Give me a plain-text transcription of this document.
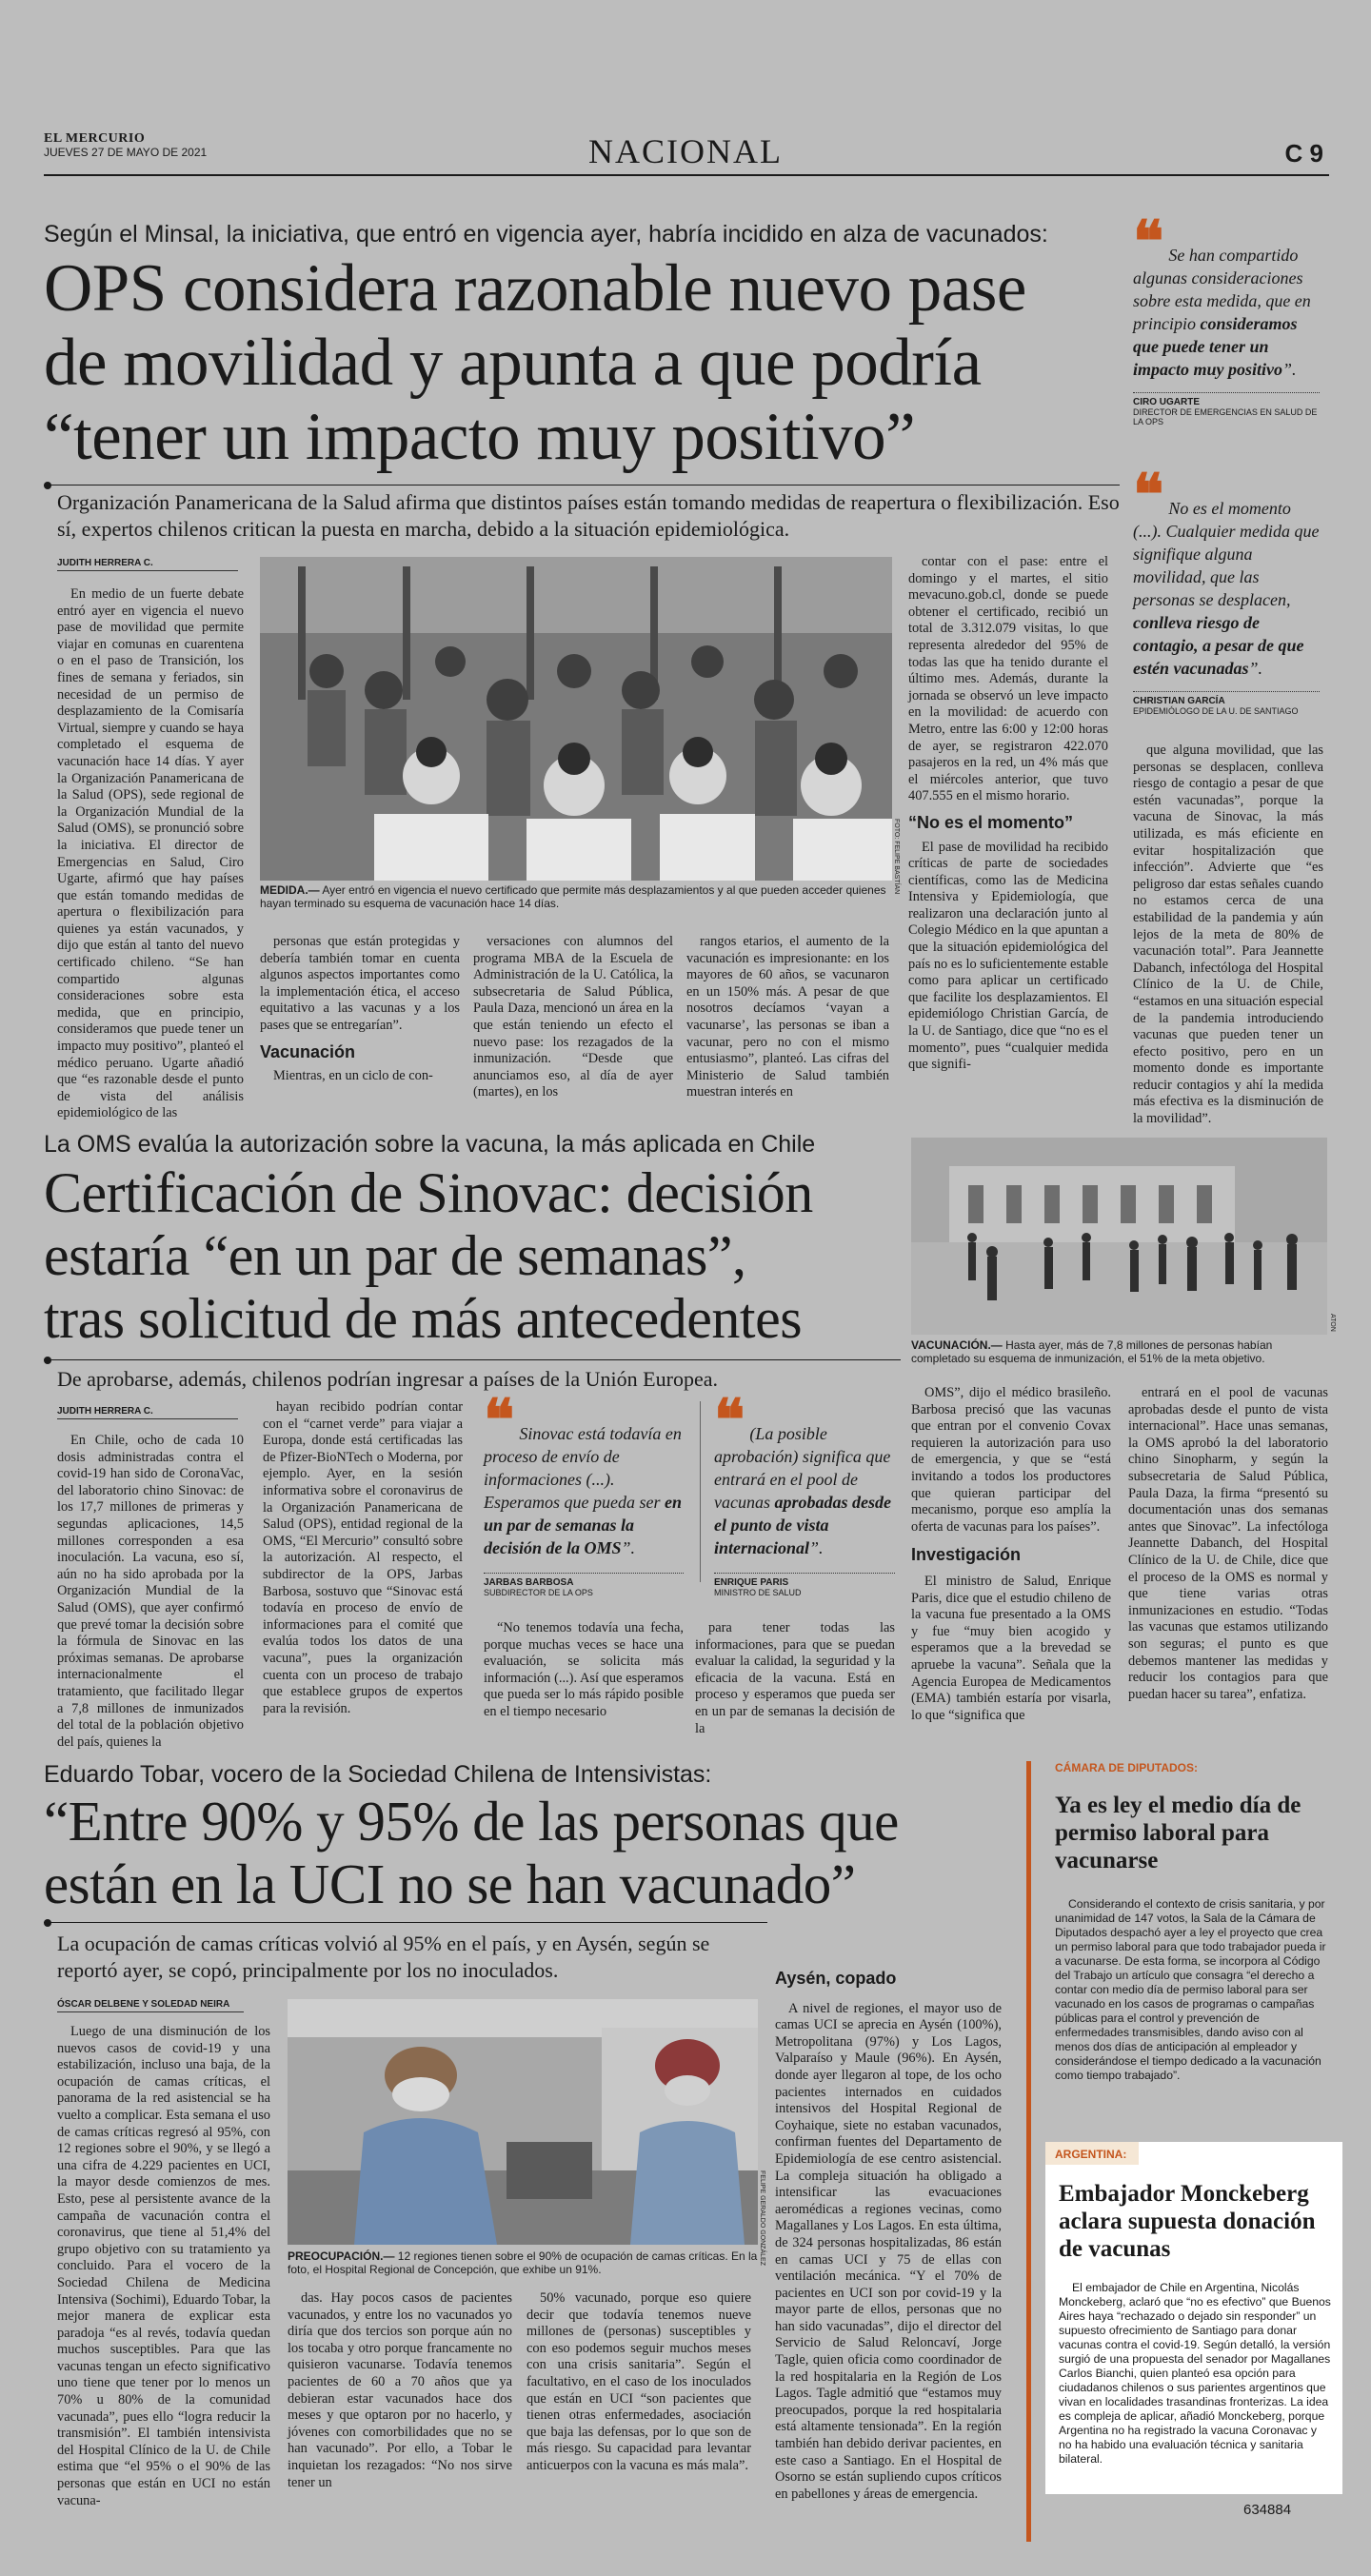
EL MERCURIO
JUEVES 27 DE MAYO DE 2021	NACIONAL	C 9
Según el Minsal, la iniciativa, que entró en vigencia ayer, habría incidido en alza de vacunados:
OPS considera razonable nuevo pase
de movilidad y apunta a que podría
“tener un impacto muy positivo”
Organización Panamericana de la Salud afirma que distintos países están tomando medidas de reapertura o flexibilización. Eso sí, expertos chilenos critican la puesta en marcha, debido a la situación epidemiológica.
JUDITH HERRERA C.

En medio de un fuerte debate entró ayer en vigencia el nuevo pase de movilidad que permite viajar en comunas en cuarentena o en el paso de Transición, los fines de semana y feriados, sin necesidad de un permiso de desplazamiento de la Comisaría Virtual, siempre y cuando se haya completado el esquema de vacunación hace 14 días. Y ayer la Organización Panamericana de la Salud (OPS), sede regional de la Organización Mundial de la Salud (OMS), se pronunció sobre la iniciativa. El director de Emergencias en Salud, Ciro Ugarte, afirmó que hay países que están tomando medidas de apertura o flexibilización para quienes ya están vacunados, y dijo que están al tanto del nuevo certificado chileno. “Se han compartido algunas consideraciones sobre esta medida, que en principio, consideramos que puede tener un impacto muy positivo”, planteó el médico peruano. Ugarte añadió que “es razonable desde el punto de vista del análisis epidemiológico de las

FOTO: FELIPE BASTÍAN
MEDIDA.— Ayer entró en vigencia el nuevo certificado que permite más desplazamientos y al que pueden acceder quienes hayan terminado su esquema de vacunación hace 14 días.

personas que están protegidas y debería también tomar en cuenta algunos aspectos importantes como la implementación ética, el acceso equitativo a las vacunas y a los pases que se entregarían”.

Vacunación

Mientras, en un ciclo de con-

versaciones con alumnos del programa MBA de la Escuela de Administración de la U. Católica, la subsecretaria de Salud Pública, Paula Daza, mencionó un área en la que están teniendo un efecto el nuevo pase: los rezagados de la inmunización. “Desde que anunciamos eso, al día de ayer (martes), en los

rangos etarios, el aumento de la vacunación es impresionante: en los mayores de 60 años, se vacunaron en un 150% más. A pesar de que nosotros decíamos ‘vayan a vacunarse’, las personas se iban a vacunar, pero no con el mismo entusiasmo”, planteó. Las cifras del Ministerio de Salud también muestran interés en

contar con el pase: entre el domingo y el martes, el sitio mevacuno.gob.cl, donde se puede obtener el certificado, recibió un total de 3.312.079 visitas, lo que representa alrededor del 95% de todas las que ha tenido durante el último mes. Además, durante la jornada se observó un leve impacto en la movilidad: de acuerdo con Metro, entre las 6:00 y 12:00 horas de ayer, se registraron 422.070 pasajeros en la red, un 4% más que el miércoles anterior, que tuvo 407.555 en el mismo horario.

“No es el momento”

El pase de movilidad ha recibido críticas de parte de sociedades científicas, como las de Medicina Intensiva y Epidemiología, que realizaron una declaración junto al Colegio Médico en la que apuntan a que la situación epidemiológica del país no es lo suficientemente estable como para aplicar un certificado que facilite los desplazamientos. El epidemiólogo Christian García, de la U. de Santiago, dice que “no es el momento”, pues “cualquier medida que signifi-

❝ Se han compartido algunas consideraciones sobre esta medida, que en principio consideramos que puede tener un impacto muy positivo”.
CIRO UGARTE
DIRECTOR DE EMERGENCIAS EN SALUD DE LA OPS
❝ No es el momento (...). Cualquier medida que signifique alguna movilidad, que las personas se desplacen, conlleva riesgo de contagio, a pesar de que estén vacunadas”.
CHRISTIAN GARCÍA
EPIDEMIÓLOGO DE LA U. DE SANTIAGO

que alguna movilidad, que las personas se desplacen, conlleva riesgo de contagio a pesar de que estén vacunadas”, porque la vacuna de Sinovac, la más utilizada, es más eficiente en evitar hospitalización que infección”. Advierte que “es peligroso dar estas señales cuando no estamos cerca de una estabilidad de la pandemia y aún lejos de la meta de 80% de vacunación total”. Para Jeannette Dabanch, infectóloga del Hospital Clínico de la U. de Chile, “estamos en una situación especial de la pandemia introduciendo vacunas que pueden tener un efecto positivo, pero en un momento donde es importante reducir contagios y ahí la medida más efectiva es la disminución de la movilidad”.

La OMS evalúa la autorización sobre la vacuna, la más aplicada en Chile
Certificación de Sinovac: decisión
estaría “en un par de semanas”,
tras solicitud de más antecedentes
De aprobarse, además, chilenos podrían ingresar a países de la Unión Europea.
ATON
VACUNACIÓN.— Hasta ayer, más de 7,8 millones de personas habían completado su esquema de inmunización, el 51% de la meta objetivo.
JUDITH HERRERA C.

En Chile, ocho de cada 10 dosis administradas contra el covid-19 han sido de CoronaVac, del laboratorio chino Sinovac: de los 17,7 millones de primeras y segundas aplicaciones, 14,5 millones corresponden a esa inoculación. La vacuna, eso sí, aún no ha sido aprobada por la Organización Mundial de la Salud (OMS), que ayer confirmó que prevé tomar la decisión sobre la fórmula de Sinovac en las próximas semanas. De aprobarse internacionalmente el tratamiento, que facilitado llegar a 7,8 millones de inmunizados del total de la población objetivo del país, quienes la

hayan recibido podrían contar con el “carnet verde” para viajar a Europa, donde está certificadas las de Pfizer-BioNTech o Moderna, por ejemplo. Ayer, en la sesión informativa sobre el coronavirus de la Organización Panamericana de Salud (OPS), entidad regional de la OMS, “El Mercurio” consultó sobre la autorización. Al respecto, el subdirector de la OPS, Jarbas Barbosa, sostuvo que “Sinovac está todavía en proceso de envío de informaciones para el comité que evalúa todos los datos de una vacuna”, pues la organización cuenta con un proceso de trabajo que establece grupos de expertos para la revisión.

❝ Sinovac está todavía en proceso de envío de informaciones (...). Esperamos que pueda ser en un par de semanas la decisión de la OMS”.
JARBAS BARBOSA
SUBDIRECTOR DE LA OPS
❝ (La posible aprobación) significa que entrará en el pool de vacunas aprobadas desde el punto de vista internacional”.
ENRIQUE PARIS
MINISTRO DE SALUD

“No tenemos todavía una fecha, porque muchas veces se hace una evaluación, se solicita más información (...). Así que esperamos que pueda ser lo más rápido posible en el tiempo necesario

para tener todas las informaciones, para que se puedan evaluar la calidad, la seguridad y la eficacia de la vacuna. Está en proceso y esperamos que pueda ser en un par de semanas la decisión de la

OMS”, dijo el médico brasileño. Barbosa precisó que las vacunas que entran por el convenio Covax requieren la autorización para uso de emergencia, y que se “está invitando a todos los productores que quieran participar del mecanismo, porque eso amplía la oferta de vacunas para los países”.

Investigación

El ministro de Salud, Enrique Paris, dice que el estudio chileno de la vacuna fue presentado a la OMS y fue “muy bien acogido y esperamos que a la brevedad se apruebe la vacuna”. Señala que la Agencia Europea de Medicamentos (EMA) también estaría por visarla, lo que “significa que

entrará en el pool de vacunas aprobadas desde el punto de vista internacional”. Hace unas semanas, la OMS aprobó la del laboratorio chino Sinopharm, y según la subsecretaria de Salud Pública, Paula Daza, la firma “presentó su documentación unas dos semanas antes que Sinovac”. La infectóloga Jeannette Dabanch, del Hospital Clínico de la U. de Chile, dice que el proceso de la OMS es normal y que tiene varias otras inmunizaciones en estudio. “Todas las vacunas que estamos utilizando son seguras; el punto es que debemos mantener las medidas y reducir los contagios para que puedan hacer su tarea”, enfatiza.

Eduardo Tobar, vocero de la Sociedad Chilena de Intensivistas:
“Entre 90% y 95% de las personas que
están en la UCI no se han vacunado”
La ocupación de camas críticas volvió al 95% en el país, y en Aysén, según se reportó ayer, se copó, principalmente por los no inoculados.
ÓSCAR DELBENE Y SOLEDAD NEIRA

Luego de una disminución de los nuevos casos de covid-19 y una estabilización, incluso una baja, de la ocupación de camas críticas, el panorama de la red asistencial se ha vuelto a complicar. Esta semana el uso de camas críticas regresó al 95%, con 12 regiones sobre el 90%, y se llegó a una cifra de 4.229 pacientes en UCI, la mayor desde comienzos de mes. Esto, pese al persistente avance de la campaña de vacunación contra el coronavirus, que tiene al 51,4% del grupo objetivo con su tratamiento ya concluido. Para el vocero de la Sociedad Chilena de Medicina Intensiva (Sochimi), Eduardo Tobar, la mejor manera de explicar esta paradoja “es al revés, todavía quedan muchos susceptibles. Para que las vacunas tengan un efecto significativo uno tiene que tener por lo menos un 70% u 80% de la comunidad vacunada”, pues ello “logra reducir la transmisión”. El también intensivista del Hospital Clínico de la U. de Chile estima que “el 95% o el 90% de las personas que están en UCI no están vacuna-

FELIPE GERALDO GONZÁLEZ
PREOCUPACIÓN.— 12 regiones tienen sobre el 90% de ocupación de camas críticas. En la foto, el Hospital Regional de Concepción, que exhibe un 91%.

das. Hay pocos casos de pacientes vacunados, y entre los no vacunados yo diría que dos tercios son porque aún no los tocaba y otro porque francamente no quisieron vacunarse. Todavía tenemos pacientes de 60 a 70 años que ya debieran estar vacunados hace dos meses y que optaron por no hacerlo, y jóvenes con comorbilidades que no se han vacunado”. Por ello, a Tobar le inquietan los rezagados: “No nos sirve tener un

50% vacunado, porque eso quiere decir que todavía tenemos nueve millones de (personas) susceptibles y con eso podemos seguir muchos meses con una crisis sanitaria”. Según el facultativo, en el caso de los inoculados que están en UCI “son pacientes que tienen otras enfermedades, asociación que baja las defensas, por lo que son de más riesgo. Su capacidad para levantar anticuerpos con la vacuna es más mala”.

Aysén, copado

A nivel de regiones, el mayor uso de camas UCI se aprecia en Aysén (100%), Metropolitana (97%) y Los Lagos, Valparaíso y Maule (96%). En Aysén, donde ayer llegaron al tope, de los ocho pacientes internados en cuidados intensivos del Hospital Regional de Coyhaique, siete no estaban vacunados, confirman fuentes del Departamento de Epidemiología de ese centro asistencial. La compleja situación ha obligado a intensificar las evacuaciones aeromédicas a regiones vecinas, como Magallanes y Los Lagos. En esta última, de 324 personas hospitalizadas, 86 están en camas UCI y 75 de ellas con ventilación mecánica. “Y el 70% de pacientes en UCI son por covid-19 y la mayor parte de ellos, personas que no han sido vacunadas”, dijo el director del Servicio de Salud Reloncaví, Jorge Tagle, quien oficia como coordinador de la red hospitalaria en la Región de Los Lagos. Tagle admitió que “estamos muy preocupados, porque la red hospitalaria está altamente tensionada”. En la región también han debido derivar pacientes, en este caso a Santiago. En el Hospital de Osorno se están supliendo cupos críticos en pabellones y áreas de emergencia.

CÁMARA DE DIPUTADOS:
Ya es ley el medio día de permiso laboral para vacunarse
Considerando el contexto de crisis sanitaria, y por unanimidad de 147 votos, la Sala de la Cámara de Diputados despachó ayer a ley el proyecto que crea un permiso laboral para que todo trabajador pueda ir a vacunarse. De esta forma, se incorpora al Código del Trabajo un artículo que consagra “el derecho a contar con medio día de permiso laboral para ser vacunado en los casos de programas o campañas públicas para el control y prevención de enfermedades transmisibles, dando aviso con al menos dos días de anticipación al empleador y considerándose el tiempo dedicado a la vacunación como tiempo trabajado”.
ARGENTINA:
Embajador Monckeberg aclara supuesta donación de vacunas
El embajador de Chile en Argentina, Nicolás Monckeberg, aclaró que “no es efectivo” que Buenos Aires haya “rechazado o dejado sin responder” un supuesto ofrecimiento de Santiago para donar vacunas contra el covid-19. Según detalló, la versión surgió de una propuesta del senador por Magallanes Carlos Bianchi, quien planteó esa opción para ciudadanos chilenos o sus parientes argentinos que vivan en localidades trasandinas fronterizas. La idea es compleja de aplicar, añadió Monckeberg, porque Argentina no ha registrado la vacuna Coronavac y no ha habido una evaluación técnica y sanitaria bilateral.
634884
